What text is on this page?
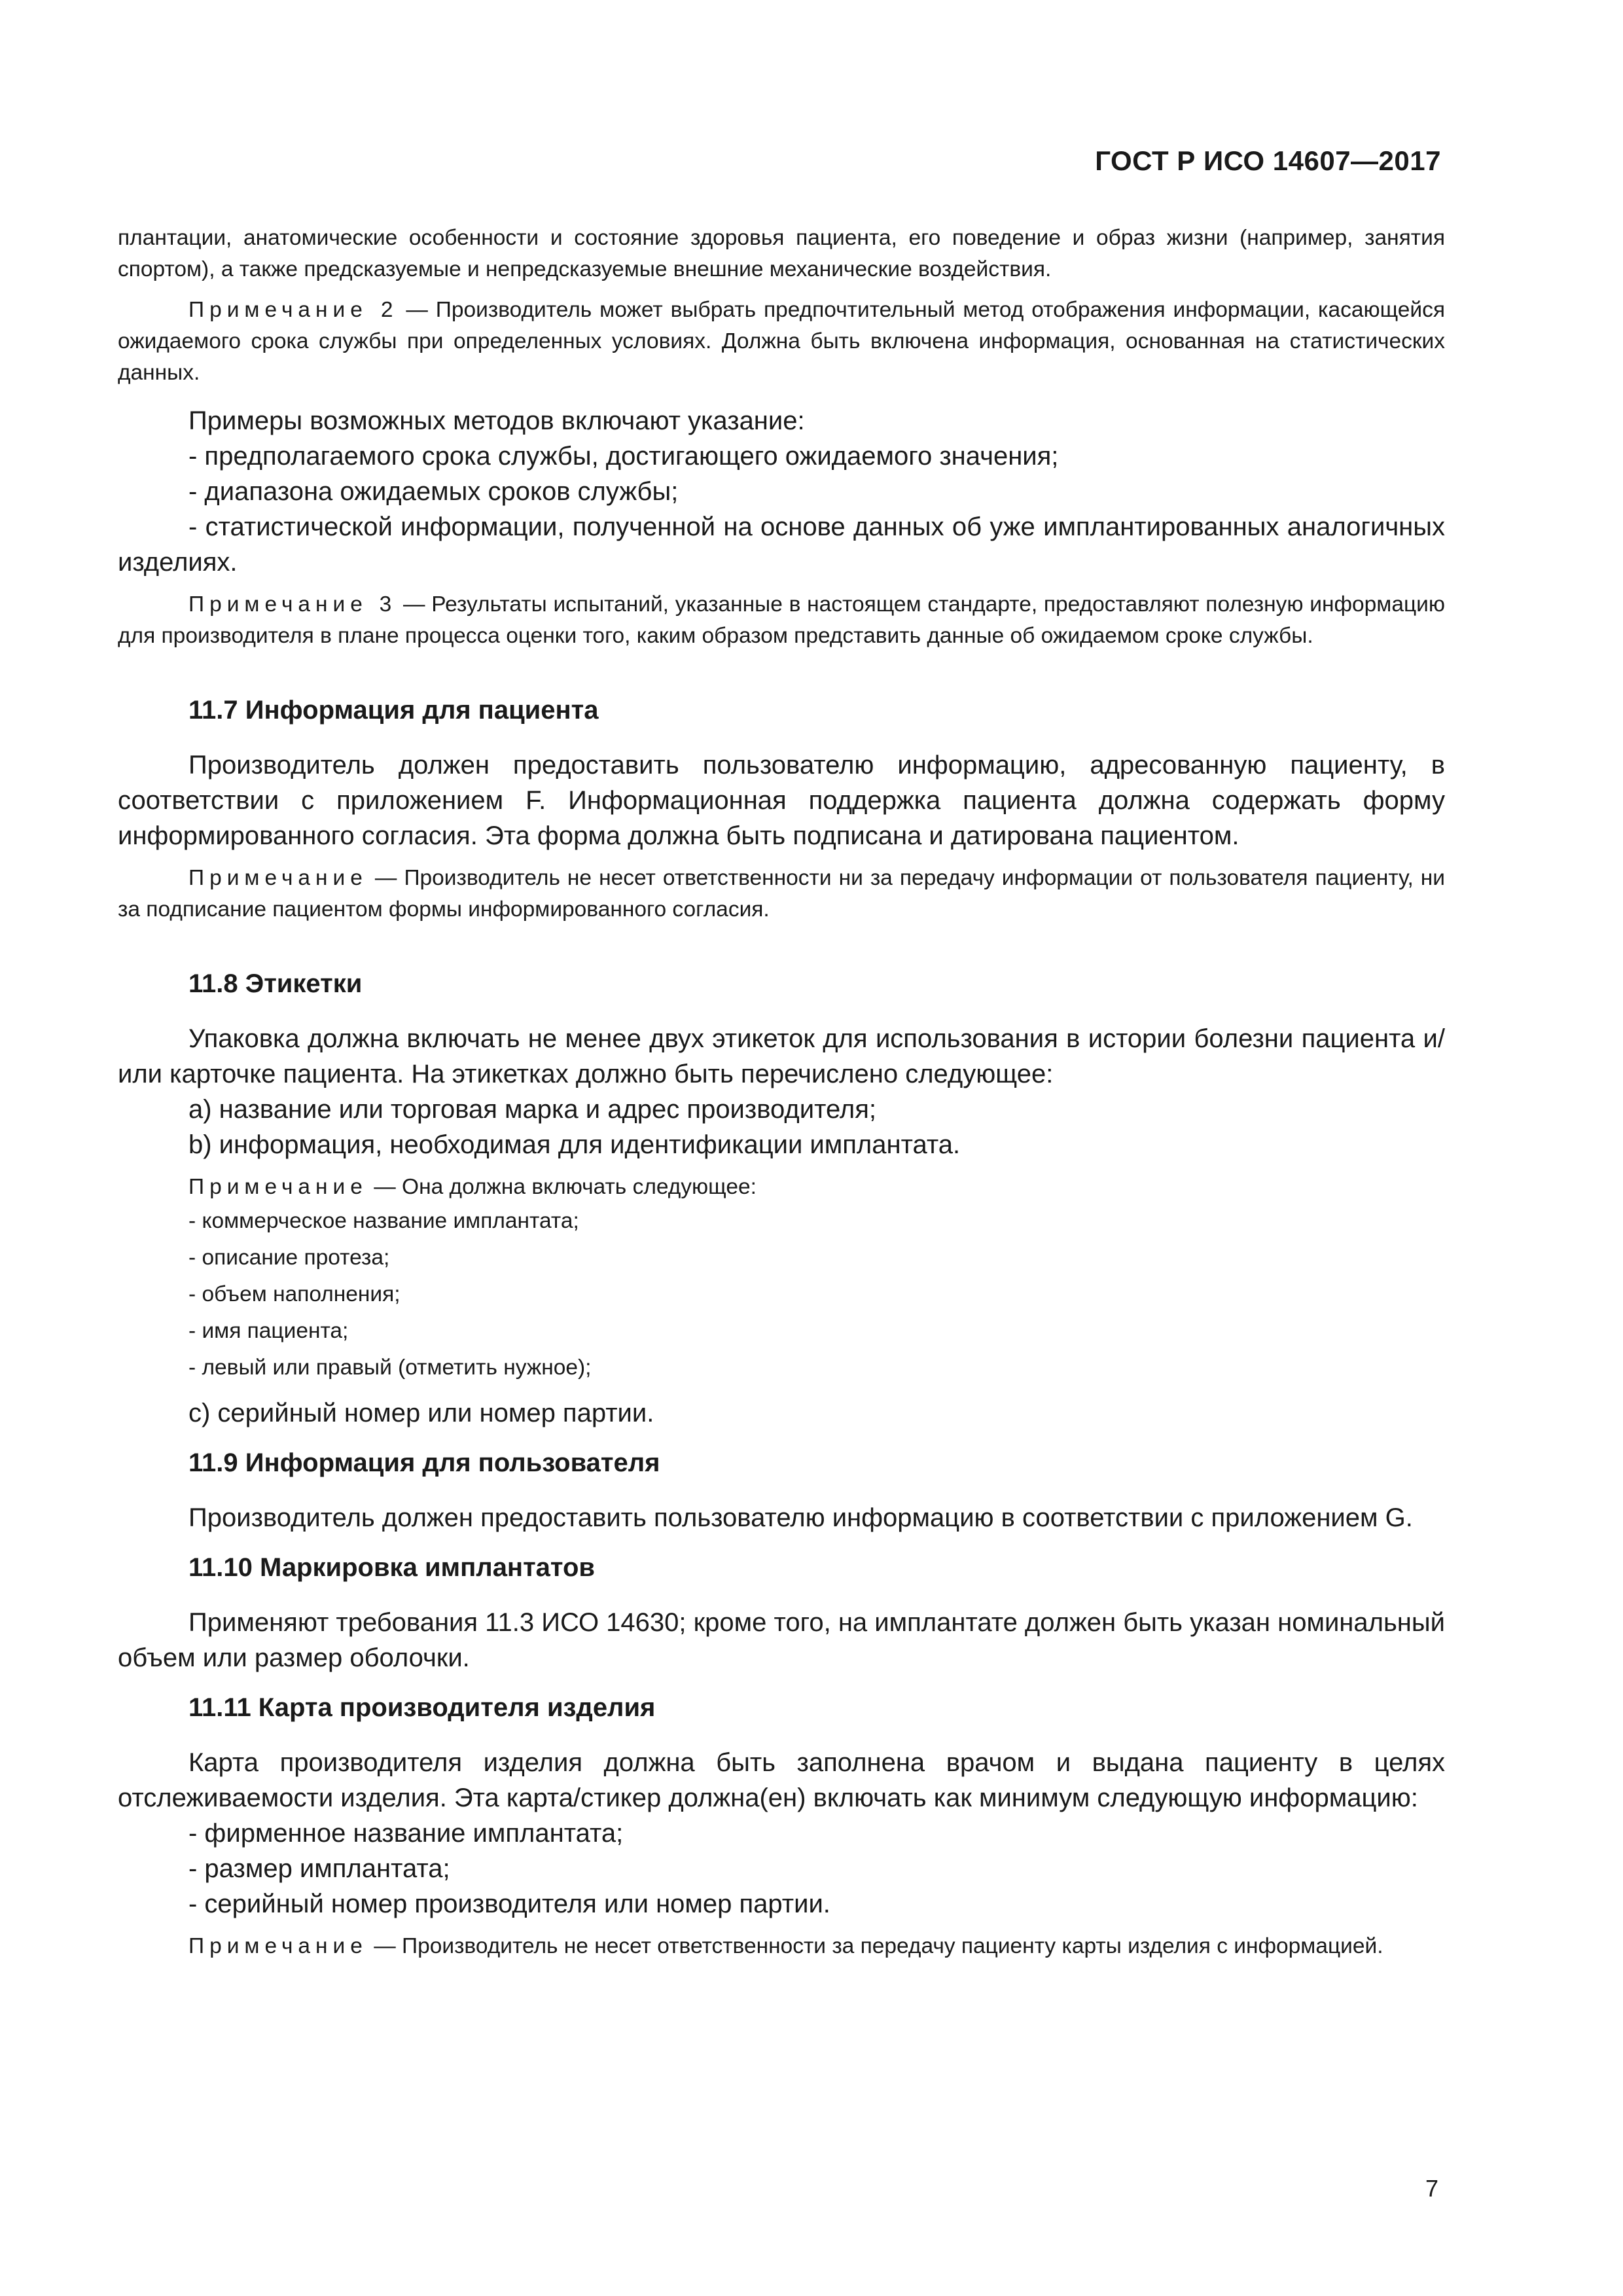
ГОСТ Р ИСО 14607—2017

плантации, анатомические особенности и состояние здоровья пациента, его поведение и образ жизни (например, занятия спортом), а также предсказуемые и непредсказуемые внешние механические воздействия.

Примечание 2 — Производитель может выбрать предпочтительный метод отображения информации, касающейся ожидаемого срока службы при определенных условиях. Должна быть включена информация, основанная на статистических данных.

Примеры возможных методов включают указание:

- предполагаемого срока службы, достигающего ожидаемого значения;

- диапазона ожидаемых сроков службы;

- статистической информации, полученной на основе данных об уже имплантированных аналогичных изделиях.

Примечание 3 — Результаты испытаний, указанные в настоящем стандарте, предоставляют полезную информацию для производителя в плане процесса оценки того, каким образом представить данные об ожидаемом сроке службы.

11.7 Информация для пациента

Производитель должен предоставить пользователю информацию, адресованную пациенту, в соответствии с приложением F. Информационная поддержка пациента должна содержать форму информированного согласия. Эта форма должна быть подписана и датирована пациентом.

Примечание — Производитель не несет ответственности ни за передачу информации от пользователя пациенту, ни за подписание пациентом формы информированного согласия.

11.8 Этикетки

Упаковка должна включать не менее двух этикеток для использования в истории болезни пациента и/или карточке пациента. На этикетках должно быть перечислено следующее:

a) название или торговая марка и адрес производителя;

b) информация, необходимая для идентификации имплантата.

Примечание — Она должна включать следующее:

- коммерческое название имплантата;

- описание протеза;

- объем наполнения;

- имя пациента;

- левый или правый (отметить нужное);

c) серийный номер или номер партии.

11.9 Информация для пользователя

Производитель должен предоставить пользователю информацию в соответствии с приложением G.

11.10 Маркировка имплантатов

Применяют требования 11.3 ИСО 14630; кроме того, на имплантате должен быть указан номинальный объем или размер оболочки.

11.11 Карта производителя изделия

Карта производителя изделия должна быть заполнена врачом и выдана пациенту в целях отслеживаемости изделия. Эта карта/стикер должна(ен) включать как минимум следующую информацию:

- фирменное название имплантата;

- размер имплантата;

- серийный номер производителя или номер партии.

Примечание — Производитель не несет ответственности за передачу пациенту карты изделия с информацией.

7
